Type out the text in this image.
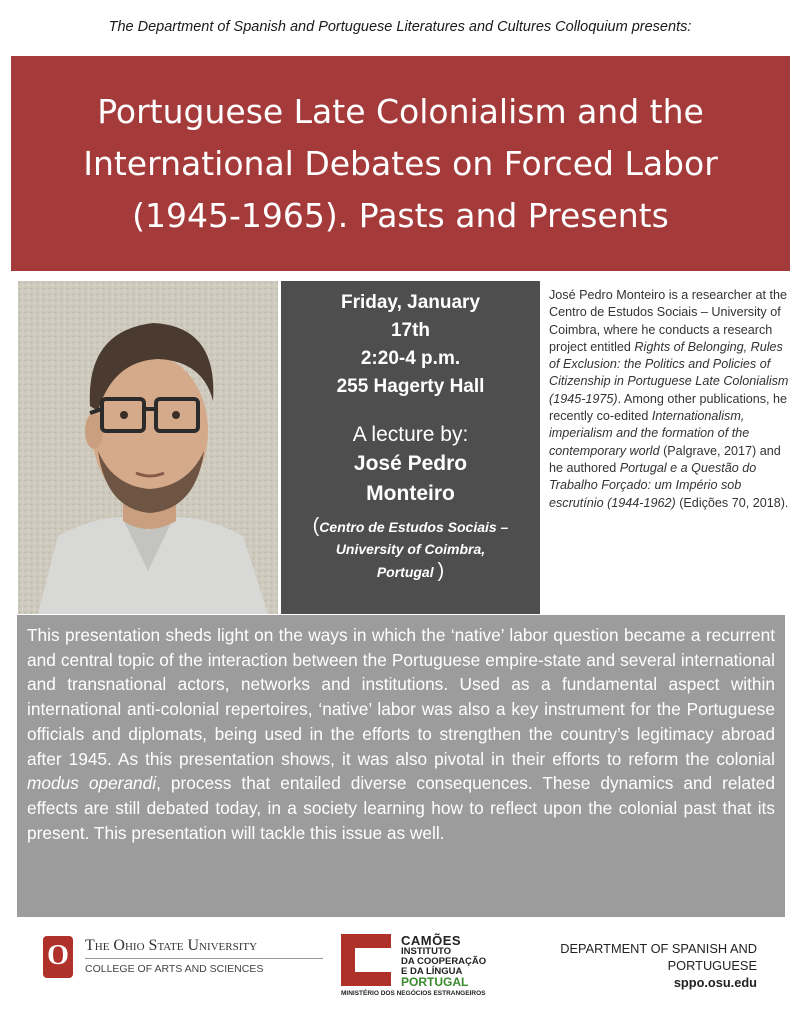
The Department of Spanish and Portuguese Literatures and Cultures Colloquium presents:
Portuguese Late Colonialism and the
International Debates on Forced Labor
(1945-1965). Pasts and Presents
Friday, January
17th
2:20-4 p.m.
255 Hagerty Hall
A lecture by:
José Pedro
Monteiro
(Centro de Estudos Sociais –
University of Coimbra,
Portugal )
José Pedro Monteiro is a researcher at the Centro de Estudos Sociais – University of Coimbra, where he conducts a research project entitled Rights of Belonging, Rules of Exclusion: the Politics and Policies of Citizenship in Portuguese Late Colonialism (1945-1975). Among other publications, he recently co-edited Internationalism, imperialism and the formation of the contemporary world (Palgrave, 2017) and he authored Portugal e a Questão do Trabalho Forçado: um Império sob escrutínio (1944-1962) (Edições 70, 2018).
This presentation sheds light on the ways in which the ‘native’ labor question became a recurrent and central topic of the interaction between the Portuguese empire-state and several international and transnational actors, networks and institutions. Used as a fundamental aspect within international anti-colonial repertoires, ‘native’ labor was also a key instrument for the Portuguese officials and diplomats, being used in the efforts to strengthen the country’s legitimacy abroad after 1945. As this presentation shows, it was also pivotal in their efforts to reform the colonial modus operandi, process that entailed diverse consequences. These dynamics and related effects are still debated today, in a society learning how to reflect upon the colonial past that its present. This presentation will tackle this issue as well.
O The Ohio State University
COLLEGE OF ARTS AND SCIENCES
CAMÕES
INSTITUTO
DA COOPERAÇÃO
E DA LÍNGUA
PORTUGAL
MINISTÉRIO DOS NEGÓCIOS ESTRANGEIROS
DEPARTMENT OF SPANISH AND
PORTUGUESE
sppo.osu.edu
